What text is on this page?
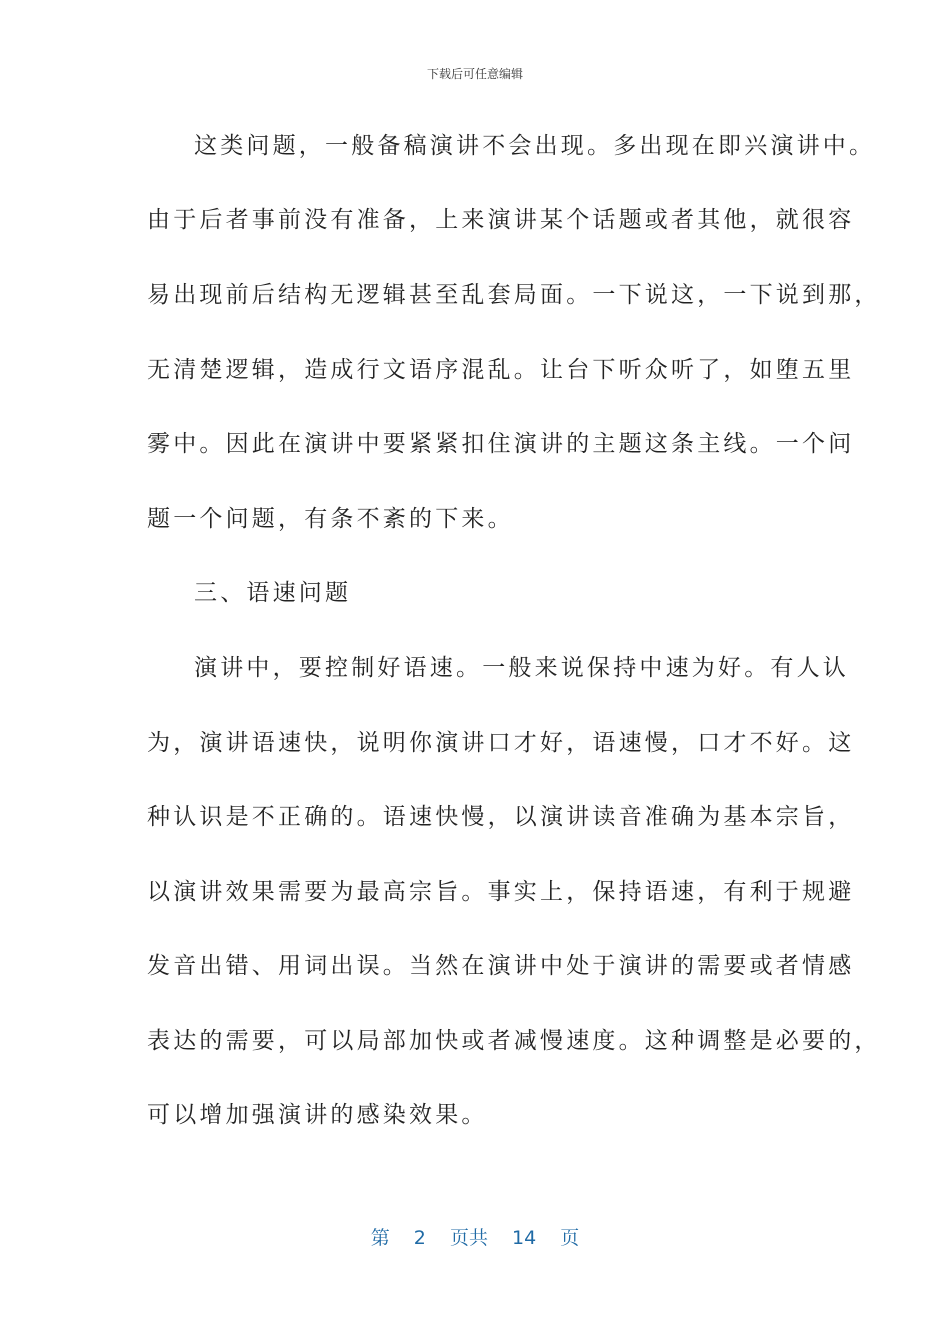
下载后可任意编辑
这类问题，一般备稿演讲不会出现。多出现在即兴演讲中。
由于后者事前没有准备，上来演讲某个话题或者其他，就很容
易出现前后结构无逻辑甚至乱套局面。一下说这，一下说到那，
无清楚逻辑，造成行文语序混乱。让台下听众听了，如堕五里
雾中。因此在演讲中要紧紧扣住演讲的主题这条主线。一个问
题一个问题，有条不紊的下来。
三、语速问题
演讲中，要控制好语速。一般来说保持中速为好。有人认
为，演讲语速快，说明你演讲口才好，语速慢，口才不好。这
种认识是不正确的。语速快慢，以演讲读音准确为基本宗旨，
以演讲效果需要为最高宗旨。事实上，保持语速，有利于规避
发音出错、用词出误。当然在演讲中处于演讲的需要或者情感
表达的需要，可以局部加快或者减慢速度。这种调整是必要的，
可以增加强演讲的感染效果。
第 2 页共 14 页
